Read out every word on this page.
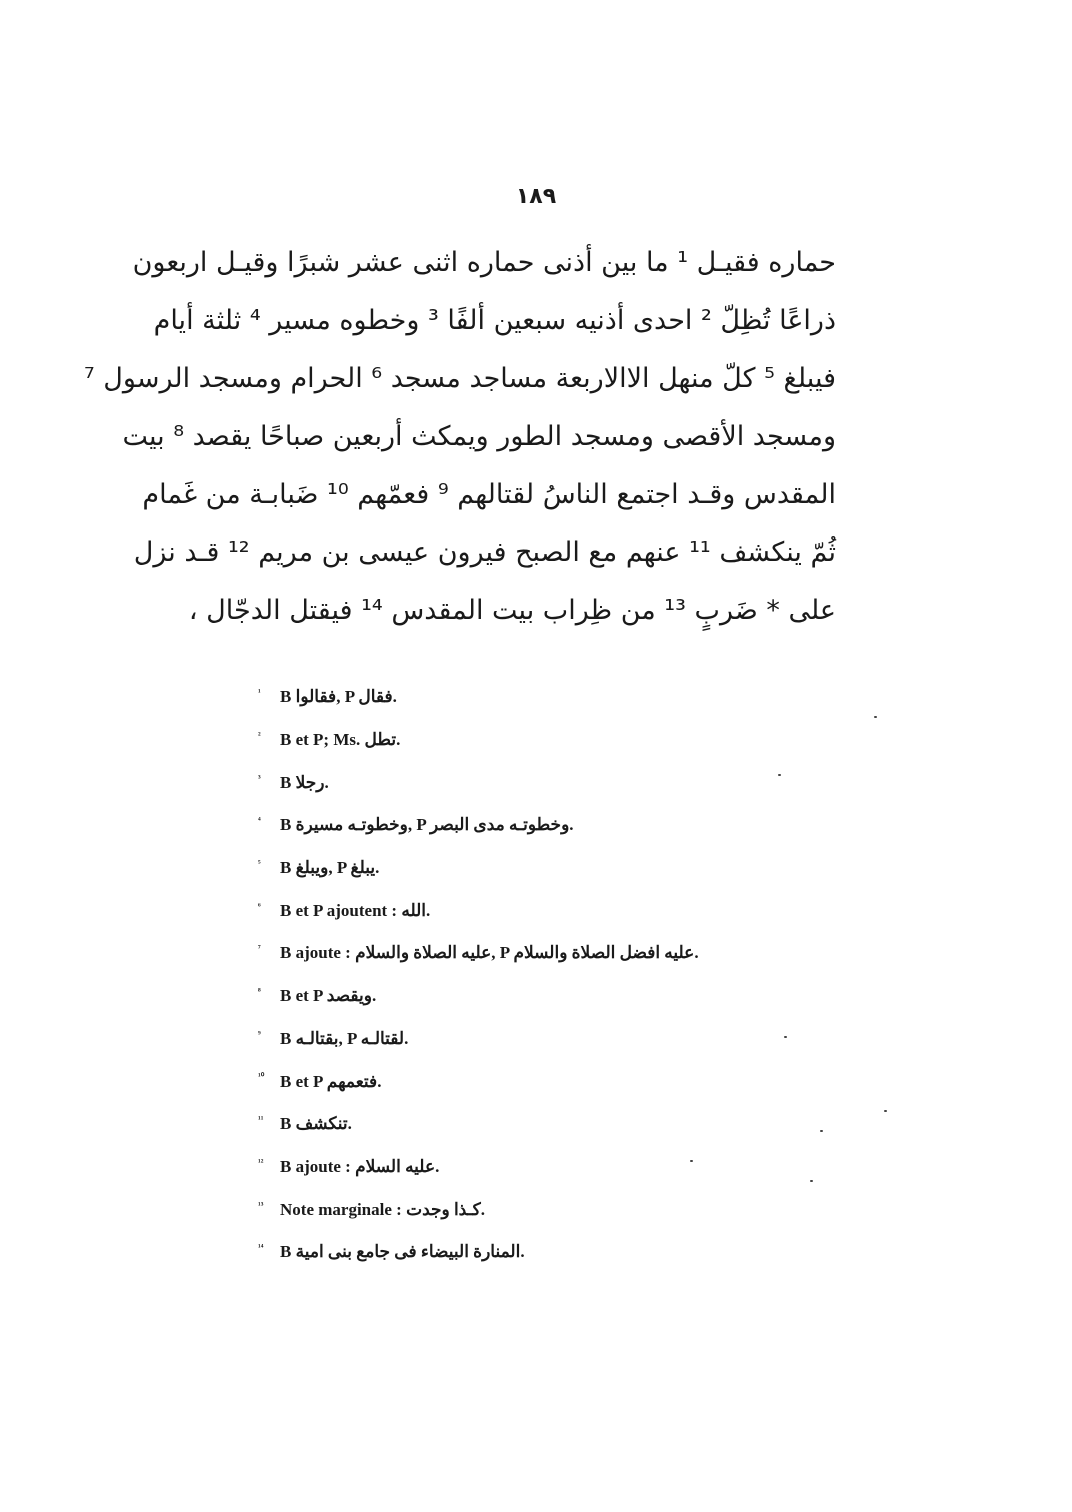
١٨٩
حماره فقيـل ¹ ما بين أذنى حماره اثنى عشر شبرًا وقيـل اربعون
ذراعًا تُظِلّ ² احدى أذنيه سبعين ألفًا ³ وخطوه مسير ⁴ ثلثة أيام
فيبلغ ⁵ كلّ منهل الاالاربعة مساجد مسجد ⁶ الحرام ومسجد الرسول ⁷
ومسجد الأقصى ومسجد الطور ويمكث أربعين صباحًا يقصد ⁸ بيت
المقدس وقـد اجتمع الناسُ لقتالهم ⁹ فعمّهم ¹⁰ ضَبابـة من غَمام
ثُمّ ينكشف ¹¹ عنهم مع الصبح فيرون عيسى بن مريم ¹² قـد نزل
على * ضَربٍ ¹³ من ظِراب بيت المقدس ¹⁴ فيقتل الدجّال ،
¹	B فقالوا, P فقال.
²	B et P; Ms. تطل.
³	B رجلا.
⁴	B وخطوتـه مسيرة, P وخطوتـه مدى البصر.
⁵	B ويبلغ, P يبلغ.
⁶	B et P ajoutent : الله.
⁷	B ajoute : عليه الصلاة والسلام, P عليه افضل الصلاة والسلام.
⁸	B et P ويقصد.
⁹	B بقتالـه, P لقتالـه.
¹⁰ B et P فتعمهم.
¹¹ B تنكشف.
¹² B ajoute : عليه السلام.
¹³ Note marginale : كـذا وجدت.
¹⁴ B المنارة البيضاء فى جامع بنى امية.
